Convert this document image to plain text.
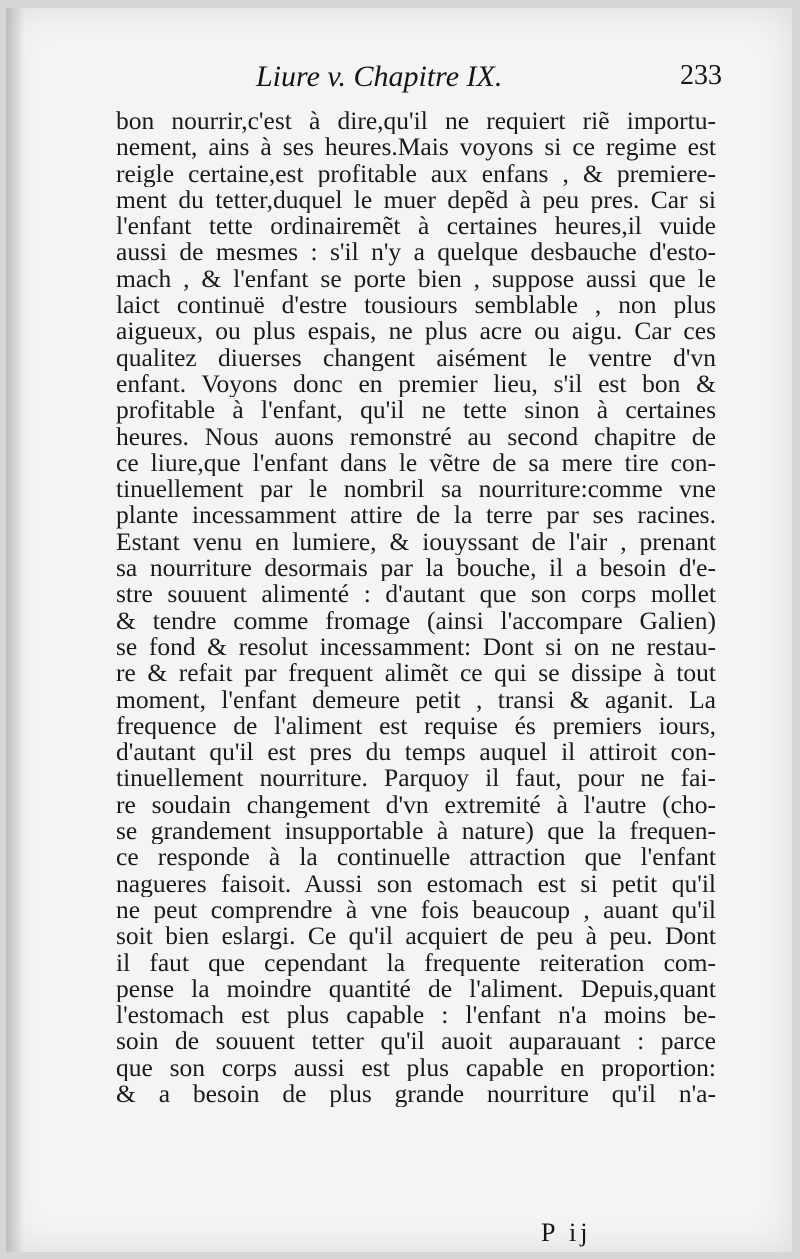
Liure v. Chapitre IX.	233
bon nourrir,c'est à dire,qu'il ne requiert riẽ importu-
nement, ains à ses heures.Mais voyons si ce regime est
reigle certaine,est profitable aux enfans , & premiere-
ment du tetter,duquel le muer depẽd à peu pres. Car si
l'enfant tette ordinairemẽt à certaines heures,il vuide
aussi de mesmes : s'il n'y a quelque desbauche d'esto-
mach , & l'enfant se porte bien , suppose aussi que le
laict continuë d'estre tousiours semblable , non plus
aigueux, ou plus espais, ne plus acre ou aigu. Car ces
qualitez diuerses changent aisément le ventre d'vn
enfant. Voyons donc en premier lieu, s'il est bon &
profitable à l'enfant, qu'il ne tette sinon à certaines
heures. Nous auons remonstré au second chapitre de
ce liure,que l'enfant dans le vẽtre de sa mere tire con-
tinuellement par le nombril sa nourriture:comme vne
plante incessamment attire de la terre par ses racines.
Estant venu en lumiere, & iouyssant de l'air , prenant
sa nourriture desormais par la bouche, il a besoin d'e-
stre souuent alimenté : d'autant que son corps mollet
& tendre comme fromage (ainsi l'accompare Galien)
se fond & resolut incessamment: Dont si on ne restau-
re & refait par frequent alimẽt ce qui se dissipe à tout
moment, l'enfant demeure petit , transi & aganit. La
frequence de l'aliment est requise és premiers iours,
d'autant qu'il est pres du temps auquel il attiroit con-
tinuellement nourriture. Parquoy il faut, pour ne fai-
re soudain changement d'vn extremité à l'autre (cho-
se grandement insupportable à nature) que la frequen-
ce responde à la continuelle attraction que l'enfant
nagueres faisoit. Aussi son estomach est si petit qu'il
ne peut comprendre à vne fois beaucoup , auant qu'il
soit bien eslargi. Ce qu'il acquiert de peu à peu. Dont
il faut que cependant la frequente reiteration com-
pense la moindre quantité de l'aliment. Depuis,quant
l'estomach est plus capable : l'enfant n'a moins be-
soin de souuent tetter qu'il auoit auparauant : parce
que son corps aussi est plus capable en proportion:
& a besoin de plus grande nourriture qu'il n'a-
P ij
